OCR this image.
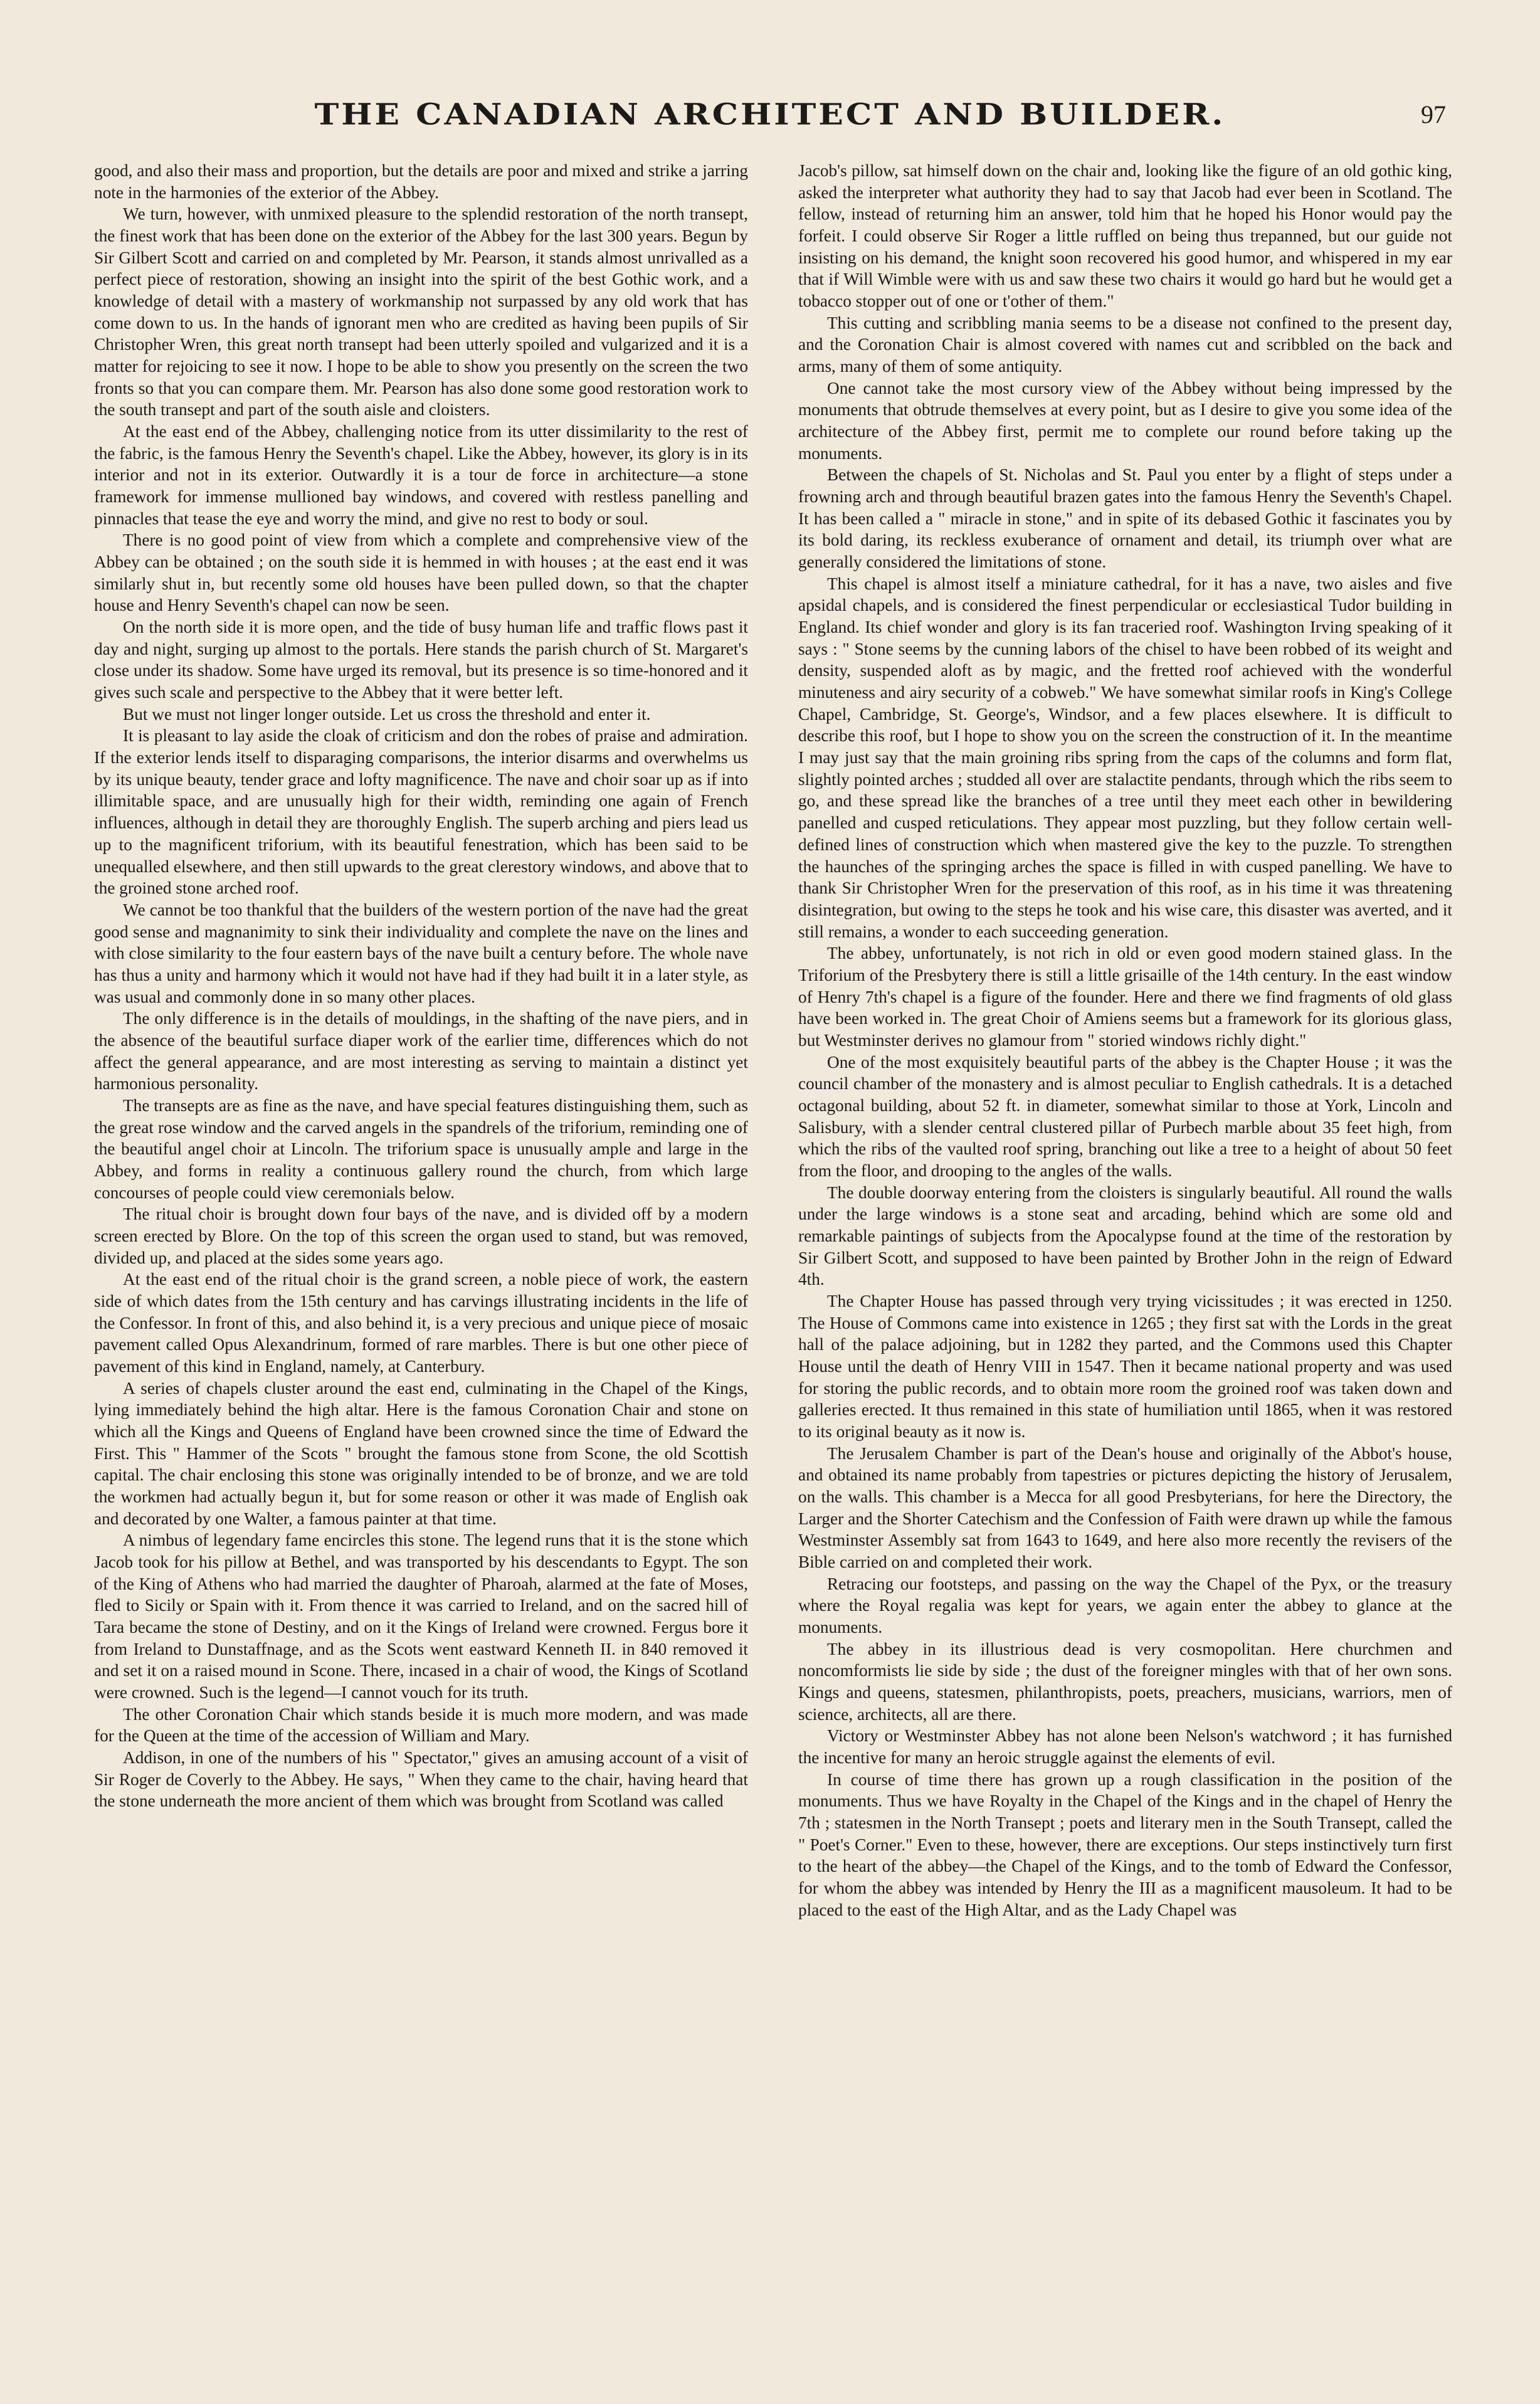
THE CANADIAN ARCHITECT AND BUILDER.	97

good, and also their mass and proportion, but the details are poor and mixed and strike a jarring note in the harmonies of the exterior of the Abbey.

We turn, however, with unmixed pleasure to the splendid restoration of the north transept, the finest work that has been done on the exterior of the Abbey for the last 300 years. Begun by Sir Gilbert Scott and carried on and completed by Mr. Pearson, it stands almost unrivalled as a perfect piece of restoration, showing an insight into the spirit of the best Gothic work, and a knowledge of detail with a mastery of workmanship not surpassed by any old work that has come down to us. In the hands of ignorant men who are credited as having been pupils of Sir Christopher Wren, this great north transept had been utterly spoiled and vulgarized and it is a matter for rejoicing to see it now. I hope to be able to show you presently on the screen the two fronts so that you can compare them. Mr. Pearson has also done some good restoration work to the south transept and part of the south aisle and cloisters.

At the east end of the Abbey, challenging notice from its utter dissimilarity to the rest of the fabric, is the famous Henry the Seventh's chapel. Like the Abbey, however, its glory is in its interior and not in its exterior. Outwardly it is a tour de force in architecture—a stone framework for immense mullioned bay windows, and covered with restless panelling and pinnacles that tease the eye and worry the mind, and give no rest to body or soul.

There is no good point of view from which a complete and comprehensive view of the Abbey can be obtained ; on the south side it is hemmed in with houses ; at the east end it was similarly shut in, but recently some old houses have been pulled down, so that the chapter house and Henry Seventh's chapel can now be seen.

On the north side it is more open, and the tide of busy human life and traffic flows past it day and night, surging up almost to the portals. Here stands the parish church of St. Margaret's close under its shadow. Some have urged its removal, but its presence is so time-honored and it gives such scale and perspective to the Abbey that it were better left.

But we must not linger longer outside. Let us cross the threshold and enter it.

It is pleasant to lay aside the cloak of criticism and don the robes of praise and admiration. If the exterior lends itself to disparaging comparisons, the interior disarms and overwhelms us by its unique beauty, tender grace and lofty magnificence. The nave and choir soar up as if into illimitable space, and are unusually high for their width, reminding one again of French influences, although in detail they are thoroughly English. The superb arching and piers lead us up to the magnificent triforium, with its beautiful fenestration, which has been said to be unequalled elsewhere, and then still upwards to the great clerestory windows, and above that to the groined stone arched roof.

We cannot be too thankful that the builders of the western portion of the nave had the great good sense and magnanimity to sink their individuality and complete the nave on the lines and with close similarity to the four eastern bays of the nave built a century before. The whole nave has thus a unity and harmony which it would not have had if they had built it in a later style, as was usual and commonly done in so many other places.

The only difference is in the details of mouldings, in the shafting of the nave piers, and in the absence of the beautiful surface diaper work of the earlier time, differences which do not affect the general appearance, and are most interesting as serving to maintain a distinct yet harmonious personality.

The transepts are as fine as the nave, and have special features distinguishing them, such as the great rose window and the carved angels in the spandrels of the triforium, reminding one of the beautiful angel choir at Lincoln. The triforium space is unusually ample and large in the Abbey, and forms in reality a continuous gallery round the church, from which large concourses of people could view ceremonials below.

The ritual choir is brought down four bays of the nave, and is divided off by a modern screen erected by Blore. On the top of this screen the organ used to stand, but was removed, divided up, and placed at the sides some years ago.

At the east end of the ritual choir is the grand screen, a noble piece of work, the eastern side of which dates from the 15th century and has carvings illustrating incidents in the life of the Confessor. In front of this, and also behind it, is a very precious and unique piece of mosaic pavement called Opus Alexandrinum, formed of rare marbles. There is but one other piece of pavement of this kind in England, namely, at Canterbury.

A series of chapels cluster around the east end, culminating in the Chapel of the Kings, lying immediately behind the high altar. Here is the famous Coronation Chair and stone on which all the Kings and Queens of England have been crowned since the time of Edward the First. This " Hammer of the Scots " brought the famous stone from Scone, the old Scottish capital. The chair enclosing this stone was originally intended to be of bronze, and we are told the workmen had actually begun it, but for some reason or other it was made of English oak and decorated by one Walter, a famous painter at that time.

A nimbus of legendary fame encircles this stone. The legend runs that it is the stone which Jacob took for his pillow at Bethel, and was transported by his descendants to Egypt. The son of the King of Athens who had married the daughter of Pharoah, alarmed at the fate of Moses, fled to Sicily or Spain with it. From thence it was carried to Ireland, and on the sacred hill of Tara became the stone of Destiny, and on it the Kings of Ireland were crowned. Fergus bore it from Ireland to Dunstaffnage, and as the Scots went eastward Kenneth II. in 840 removed it and set it on a raised mound in Scone. There, incased in a chair of wood, the Kings of Scotland were crowned. Such is the legend—I cannot vouch for its truth.

The other Coronation Chair which stands beside it is much more modern, and was made for the Queen at the time of the accession of William and Mary.

Addison, in one of the numbers of his " Spectator," gives an amusing account of a visit of Sir Roger de Coverly to the Abbey. He says, " When they came to the chair, having heard that the stone underneath the more ancient of them which was brought from Scotland was called

Jacob's pillow, sat himself down on the chair and, looking like the figure of an old gothic king, asked the interpreter what authority they had to say that Jacob had ever been in Scotland. The fellow, instead of returning him an answer, told him that he hoped his Honor would pay the forfeit. I could observe Sir Roger a little ruffled on being thus trepanned, but our guide not insisting on his demand, the knight soon recovered his good humor, and whispered in my ear that if Will Wimble were with us and saw these two chairs it would go hard but he would get a tobacco stopper out of one or t'other of them."

This cutting and scribbling mania seems to be a disease not confined to the present day, and the Coronation Chair is almost covered with names cut and scribbled on the back and arms, many of them of some antiquity.

One cannot take the most cursory view of the Abbey without being impressed by the monuments that obtrude themselves at every point, but as I desire to give you some idea of the architecture of the Abbey first, permit me to complete our round before taking up the monuments.

Between the chapels of St. Nicholas and St. Paul you enter by a flight of steps under a frowning arch and through beautiful brazen gates into the famous Henry the Seventh's Chapel. It has been called a " miracle in stone," and in spite of its debased Gothic it fascinates you by its bold daring, its reckless exuberance of ornament and detail, its triumph over what are generally considered the limitations of stone.

This chapel is almost itself a miniature cathedral, for it has a nave, two aisles and five apsidal chapels, and is considered the finest perpendicular or ecclesiastical Tudor building in England. Its chief wonder and glory is its fan traceried roof. Washington Irving speaking of it says : " Stone seems by the cunning labors of the chisel to have been robbed of its weight and density, suspended aloft as by magic, and the fretted roof achieved with the wonderful minuteness and airy security of a cobweb." We have somewhat similar roofs in King's College Chapel, Cambridge, St. George's, Windsor, and a few places elsewhere. It is difficult to describe this roof, but I hope to show you on the screen the construction of it. In the meantime I may just say that the main groining ribs spring from the caps of the columns and form flat, slightly pointed arches ; studded all over are stalactite pendants, through which the ribs seem to go, and these spread like the branches of a tree until they meet each other in bewildering panelled and cusped reticulations. They appear most puzzling, but they follow certain well-defined lines of construction which when mastered give the key to the puzzle. To strengthen the haunches of the springing arches the space is filled in with cusped panelling. We have to thank Sir Christopher Wren for the preservation of this roof, as in his time it was threatening disintegration, but owing to the steps he took and his wise care, this disaster was averted, and it still remains, a wonder to each succeeding generation.

The abbey, unfortunately, is not rich in old or even good modern stained glass. In the Triforium of the Presbytery there is still a little grisaille of the 14th century. In the east window of Henry 7th's chapel is a figure of the founder. Here and there we find fragments of old glass have been worked in. The great Choir of Amiens seems but a framework for its glorious glass, but Westminster derives no glamour from " storied windows richly dight."

One of the most exquisitely beautiful parts of the abbey is the Chapter House ; it was the council chamber of the monastery and is almost peculiar to English cathedrals. It is a detached octagonal building, about 52 ft. in diameter, somewhat similar to those at York, Lincoln and Salisbury, with a slender central clustered pillar of Purbech marble about 35 feet high, from which the ribs of the vaulted roof spring, branching out like a tree to a height of about 50 feet from the floor, and drooping to the angles of the walls.

The double doorway entering from the cloisters is singularly beautiful. All round the walls under the large windows is a stone seat and arcading, behind which are some old and remarkable paintings of subjects from the Apocalypse found at the time of the restoration by Sir Gilbert Scott, and supposed to have been painted by Brother John in the reign of Edward 4th.

The Chapter House has passed through very trying vicissitudes ; it was erected in 1250. The House of Commons came into existence in 1265 ; they first sat with the Lords in the great hall of the palace adjoining, but in 1282 they parted, and the Commons used this Chapter House until the death of Henry VIII in 1547. Then it became national property and was used for storing the public records, and to obtain more room the groined roof was taken down and galleries erected. It thus remained in this state of humiliation until 1865, when it was restored to its original beauty as it now is.

The Jerusalem Chamber is part of the Dean's house and originally of the Abbot's house, and obtained its name probably from tapestries or pictures depicting the history of Jerusalem, on the walls. This chamber is a Mecca for all good Presbyterians, for here the Directory, the Larger and the Shorter Catechism and the Confession of Faith were drawn up while the famous Westminster Assembly sat from 1643 to 1649, and here also more recently the revisers of the Bible carried on and completed their work.

Retracing our footsteps, and passing on the way the Chapel of the Pyx, or the treasury where the Royal regalia was kept for years, we again enter the abbey to glance at the monuments.

The abbey in its illustrious dead is very cosmopolitan. Here churchmen and noncomformists lie side by side ; the dust of the foreigner mingles with that of her own sons. Kings and queens, statesmen, philanthropists, poets, preachers, musicians, warriors, men of science, architects, all are there.

Victory or Westminster Abbey has not alone been Nelson's watchword ; it has furnished the incentive for many an heroic struggle against the elements of evil.

In course of time there has grown up a rough classification in the position of the monuments. Thus we have Royalty in the Chapel of the Kings and in the chapel of Henry the 7th ; statesmen in the North Transept ; poets and literary men in the South Transept, called the " Poet's Corner." Even to these, however, there are exceptions. Our steps instinctively turn first to the heart of the abbey—the Chapel of the Kings, and to the tomb of Edward the Confessor, for whom the abbey was intended by Henry the III as a magnificent mausoleum. It had to be placed to the east of the High Altar, and as the Lady Chapel was
